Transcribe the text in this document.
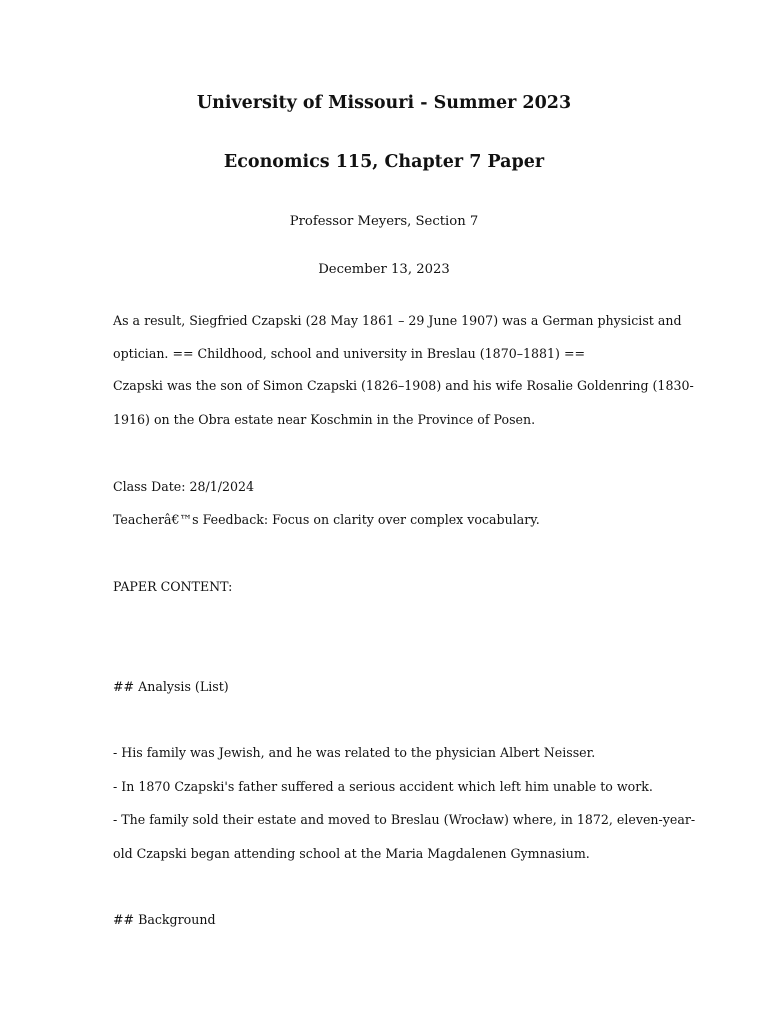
University of Missouri - Summer 2023
Economics 115, Chapter 7 Paper
Professor Meyers, Section 7
December 13, 2023
As a result, Siegfried Czapski (28 May 1861 – 29 June 1907) was a German physicist and
optician. == Childhood, school and university in Breslau (1870–1881) ==
Czapski was the son of Simon Czapski (1826–1908) and his wife Rosalie Goldenring (1830-
1916) on the Obra estate near Koschmin in the Province of Posen.
Class Date: 28/1/2024
Teacherâ€™s Feedback: Focus on clarity over complex vocabulary.
PAPER CONTENT:
## Analysis (List)
- His family was Jewish, and he was related to the physician Albert Neisser.
- In 1870 Czapski's father suffered a serious accident which left him unable to work.
- The family sold their estate and moved to Breslau (Wrocław) where, in 1872, eleven-year-
old Czapski began attending school at the Maria Magdalenen Gymnasium.
## Background
